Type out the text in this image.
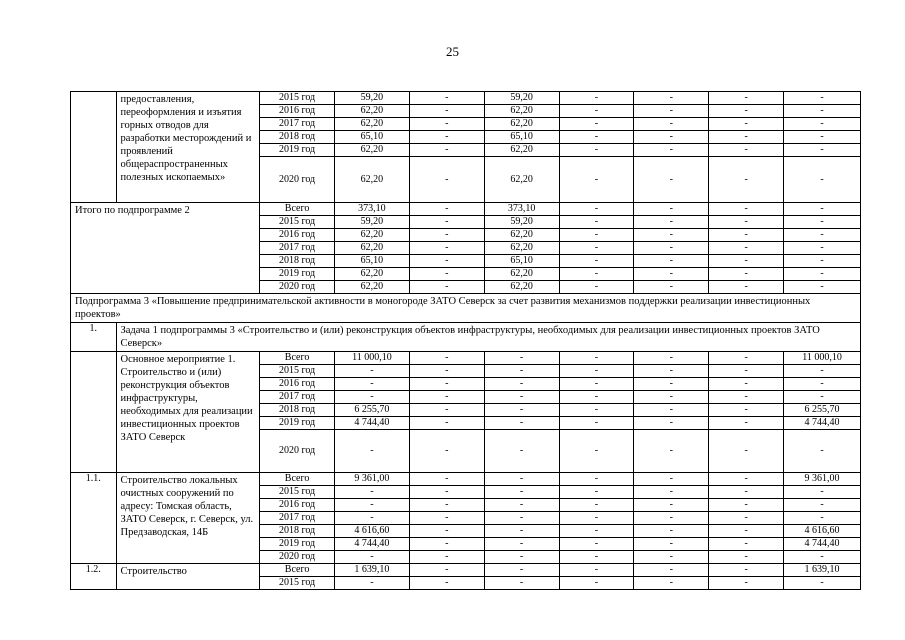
25
	предоставления, переоформления и изъятия горных отводов для разработки месторождений и проявлений общераспространенных полезных ископаемых»	2015 год	59,20	-	59,20	-	-	-	-
		2016 год	62,20	-	62,20	-	-	-	-
		2017 год	62,20	-	62,20	-	-	-	-
		2018 год	65,10	-	65,10	-	-	-	-
		2019 год	62,20	-	62,20	-	-	-	-
		2020 год	62,20	-	62,20	-	-	-	-
Итого по подпрограмме 2		Всего	373,10	-	373,10	-	-	-	-
		2015 год	59,20	-	59,20	-	-	-	-
		2016 год	62,20	-	62,20	-	-	-	-
		2017 год	62,20	-	62,20	-	-	-	-
		2018 год	65,10	-	65,10	-	-	-	-
		2019 год	62,20	-	62,20	-	-	-	-
		2020 год	62,20	-	62,20	-	-	-	-
Подпрограмма 3 «Повышение предпринимательской активности в моногороде ЗАТО Северск за счет развития механизмов поддержки реализации инвестиционных проектов»									
1.	Задача 1 подпрограммы 3 «Строительство и (или) реконструкция объектов инфраструктуры, необходимых для реализации инвестиционных проектов ЗАТО Северск»								
	Основное мероприятие 1. Строительство и (или) реконструкция объектов инфраструктуры, необходимых для реализации инвестиционных проектов ЗАТО Северск	Всего	11 000,10	-	-	-	-	-	11 000,10
		2015 год	-	-	-	-	-	-	-
		2016 год	-	-	-	-	-	-	-
		2017 год	-	-	-	-	-	-	-
		2018 год	6 255,70	-	-	-	-	-	6 255,70
		2019 год	4 744,40	-	-	-	-	-	4 744,40
		2020 год	-	-	-	-	-	-	-
1.1.	Строительство локальных очистных сооружений по адресу: Томская область, ЗАТО Северск, г. Северск, ул. Предзаводская, 14Б	Всего	9 361,00	-	-	-	-	-	9 361,00
		2015 год	-	-	-	-	-	-	-
		2016 год	-	-	-	-	-	-	-
		2017 год	-	-	-	-	-	-	-
		2018 год	4 616,60	-	-	-	-	-	4 616,60
		2019 год	4 744,40	-	-	-	-	-	4 744,40
		2020 год	-	-	-	-	-	-	-
1.2.	Строительство	Всего	1 639,10	-	-	-	-	-	1 639,10
		2015 год	-	-	-	-	-	-	-
